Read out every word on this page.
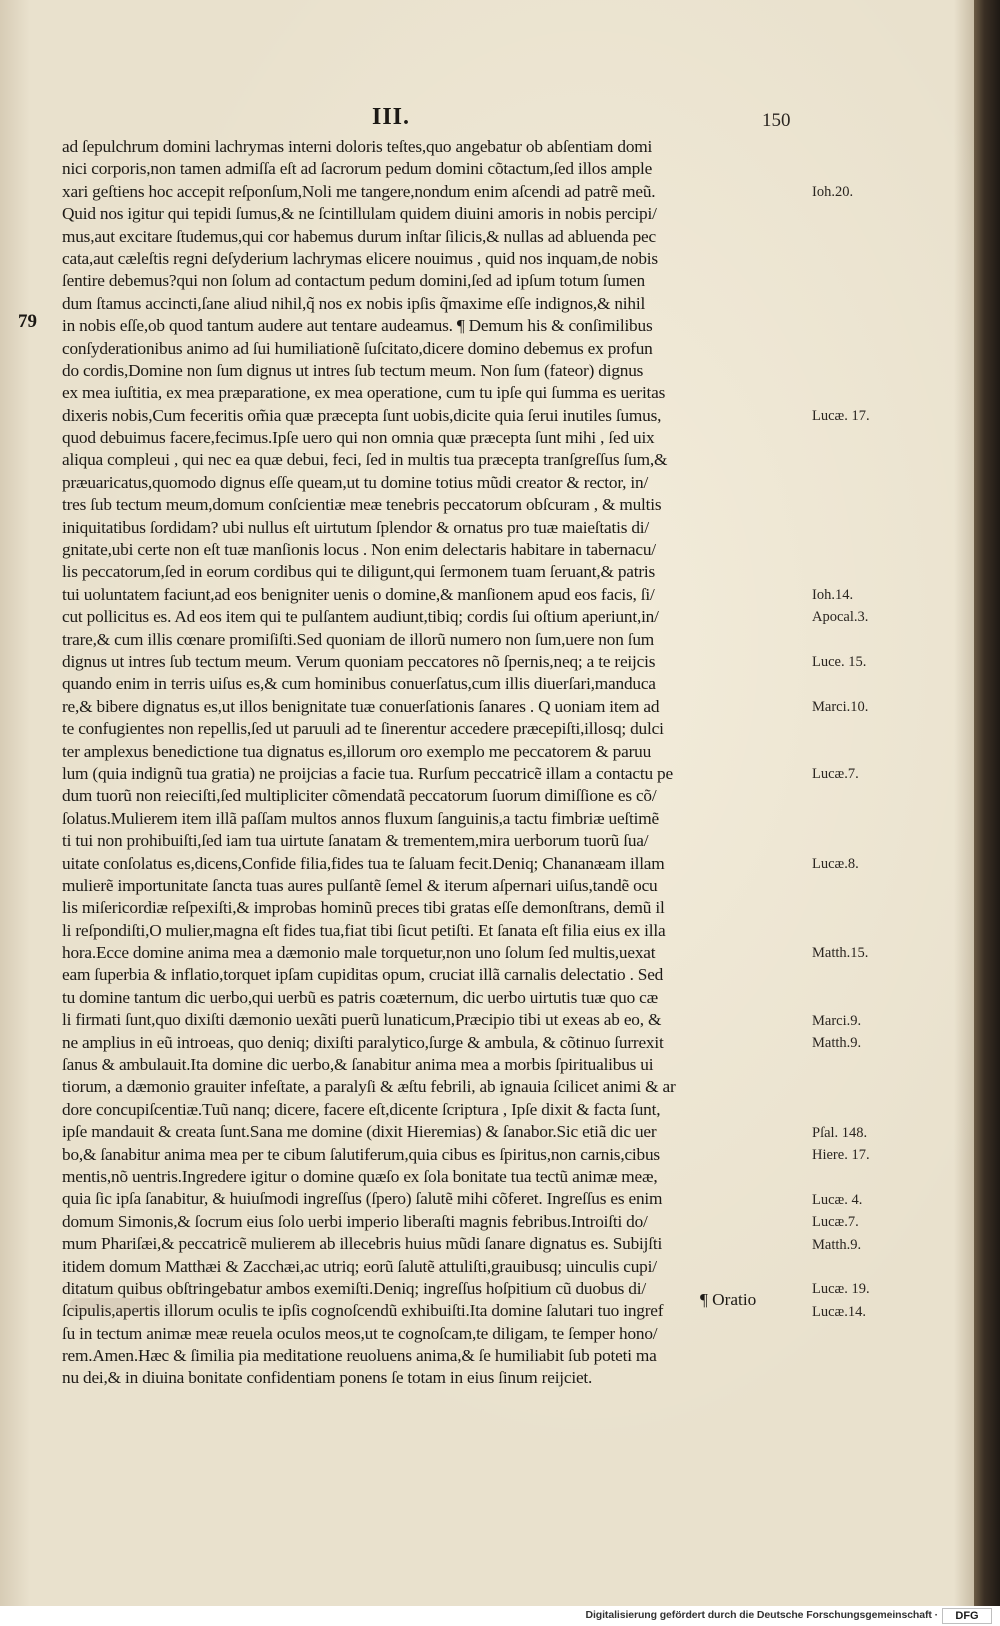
III.	150
79
ad ſepulchrum domini lachrymas interni doloris teſtes,quo angebatur ob abſentiam domi
nici corporis,non tamen admiſſa eſt ad ſacrorum pedum domini cõtactum,ſed illos ample
xari geſtiens hoc accepit reſponſum,Noli me tangere,nondum enim aſcendi ad patrẽ meũ.
Quid nos igitur qui tepidi ſumus,& ne ſcintillulam quidem diuini amoris in nobis percipi/
mus,aut excitare ſtudemus,qui cor habemus durum inſtar ſilicis,& nullas ad abluenda pec
cata,aut cæleſtis regni deſyderium lachrymas elicere nouimus , quid nos inquam,de nobis
ſentire debemus?qui non ſolum ad contactum pedum domini,ſed ad ipſum totum ſumen
dum ſtamus accincti,ſane aliud nihil,q̃ nos ex nobis ipſis q̃maxime eſſe indignos,& nihil
in nobis eſſe,ob quod tantum audere aut tentare audeamus. ¶ Demum his & conſimilibus
conſyderationibus animo ad ſui humiliationẽ ſuſcitato,dicere domino debemus ex profun
do cordis,Domine non ſum dignus ut intres ſub tectum meum. Non ſum (fateor) dignus
ex mea iuſtitia, ex mea præparatione, ex mea operatione, cum tu ipſe qui ſumma es ueritas
dixeris nobis,Cum feceritis om̃ia quæ præcepta ſunt uobis,dicite quia ſerui inutiles ſumus,
quod debuimus facere,fecimus.Ipſe uero qui non omnia quæ præcepta ſunt mihi , ſed uix
aliqua compleui , qui nec ea quæ debui, feci, ſed in multis tua præcepta tranſgreſſus ſum,&
præuaricatus,quomodo dignus eſſe queam,ut tu domine totius mũdi creator & rector, in/
tres ſub tectum meum,domum conſcientiæ meæ tenebris peccatorum obſcuram , & multis
iniquitatibus ſordidam? ubi nullus eſt uirtutum ſplendor & ornatus pro tuæ maieſtatis di/
gnitate,ubi certe non eſt tuæ manſionis locus . Non enim delectaris habitare in tabernacu/
lis peccatorum,ſed in eorum cordibus qui te diligunt,qui ſermonem tuam ſeruant,& patris
tui uoluntatem faciunt,ad eos benigniter uenis o domine,& manſionem apud eos facis, ſi/
cut pollicitus es. Ad eos item qui te pulſantem audiunt,tibiq; cordis ſui oſtium aperiunt,in/
trare,& cum illis cœnare promiſiſti.Sed quoniam de illorũ numero non ſum,uere non ſum
dignus ut intres ſub tectum meum. Verum quoniam peccatores nõ ſpernis,neq; a te reijcis
quando enim in terris uiſus es,& cum hominibus conuerſatus,cum illis diuerſari,manduca
re,& bibere dignatus es,ut illos benignitate tuæ conuerſationis ſanares . Q uoniam item ad
te confugientes non repellis,ſed ut paruuli ad te ſinerentur accedere præcepiſti,illosq; dulci
ter amplexus benedictione tua dignatus es,illorum oro exemplo me peccatorem & paruu
lum (quia indignũ tua gratia) ne proijcias a facie tua. Rurſum peccatricẽ illam a contactu pe
dum tuorũ non reieciſti,ſed multipliciter cõmendatã peccatorum ſuorum dimiſſione es cõ/
ſolatus.Mulierem item illã paſſam multos annos fluxum ſanguinis,a tactu fimbriæ ueſtimẽ
ti tui non prohibuiſti,ſed iam tua uirtute ſanatam & trementem,mira uerborum tuorũ ſua/
uitate conſolatus es,dicens,Confide filia,fides tua te ſaluam fecit.Deniq; Chananæam illam
mulierẽ importunitate ſancta tuas aures pulſantẽ ſemel & iterum aſpernari uiſus,tandẽ ocu
lis miſericordiæ reſpexiſti,& improbas hominũ preces tibi gratas eſſe demonſtrans, demũ il
li reſpondiſti,O mulier,magna eſt fides tua,fiat tibi ſicut petiſti. Et ſanata eſt filia eius ex illa
hora.Ecce domine anima mea a dæmonio male torquetur,non uno ſolum ſed multis,uexat
eam ſuperbia & inflatio,torquet ipſam cupiditas opum, cruciat illã carnalis delectatio . Sed
tu domine tantum dic uerbo,qui uerbũ es patris coæternum, dic uerbo uirtutis tuæ quo cæ
li firmati ſunt,quo dixiſti dæmonio uexãti puerũ lunaticum,Præcipio tibi ut exeas ab eo, &
ne amplius in eũ introeas, quo deniq; dixiſti paralytico,ſurge & ambula, & cõtinuo ſurrexit
ſanus & ambulauit.Ita domine dic uerbo,& ſanabitur anima mea a morbis ſpiritualibus ui
tiorum, a dæmonio grauiter infeſtate, a paralyſi & æſtu febrili, ab ignauia ſcilicet animi & ar
dore concupiſcentiæ.Tuũ nanq; dicere, facere eſt,dicente ſcriptura , Ipſe dixit & facta ſunt,
ipſe mandauit & creata ſunt.Sana me domine (dixit Hieremias) & ſanabor.Sic etiã dic uer
bo,& ſanabitur anima mea per te cibum ſalutiferum,quia cibus es ſpiritus,non carnis,cibus
mentis,nõ uentris.Ingredere igitur o domine quæſo ex ſola bonitate tua tectũ animæ meæ,
quia ſic ipſa ſanabitur, & huiuſmodi ingreſſus (ſpero) ſalutẽ mihi cõferet. Ingreſſus es enim
domum Simonis,& ſocrum eius ſolo uerbi imperio liberaſti magnis febribus.Introiſti do/
mum Phariſæi,& peccatricẽ mulierem ab illecebris huius mũdi ſanare dignatus es. Subijſti
itidem domum Matthæi & Zacchæi,ac utriq; eorũ ſalutẽ attuliſti,grauibusq; uinculis cupi/
ditatum quibus obſtringebatur ambos exemiſti.Deniq; ingreſſus hoſpitium cũ duobus di/
ſcipulis,apertis illorum oculis te ipſis cognoſcendũ exhibuiſti.Ita domine ſalutari tuo ingref
ſu in tectum animæ meæ reuela oculos meos,ut te cognoſcam,te diligam, te ſemper hono/
rem.Amen.Hæc & ſimilia pia meditatione reuoluens anima,& ſe humiliabit ſub poteti ma
nu dei,& in diuina bonitate confidentiam ponens ſe totam in eius ſinum reijciet.
Ioh.20.
Lucæ. 17.
Ioh.14.
Apocal.3.
Luce. 15.
Marci.10.
Lucæ.7.
Lucæ.8.
Matth.15.
Marci.9.
Matth.9.
Pſal. 148.
Hiere. 17.
Lucæ. 4.
Lucæ.7.
Matth.9.
Lucæ. 19.
Lucæ.14.
¶ Oratio
Digitalisierung gefördert durch die Deutsche Forschungsgemeinschaft ·	DFG
